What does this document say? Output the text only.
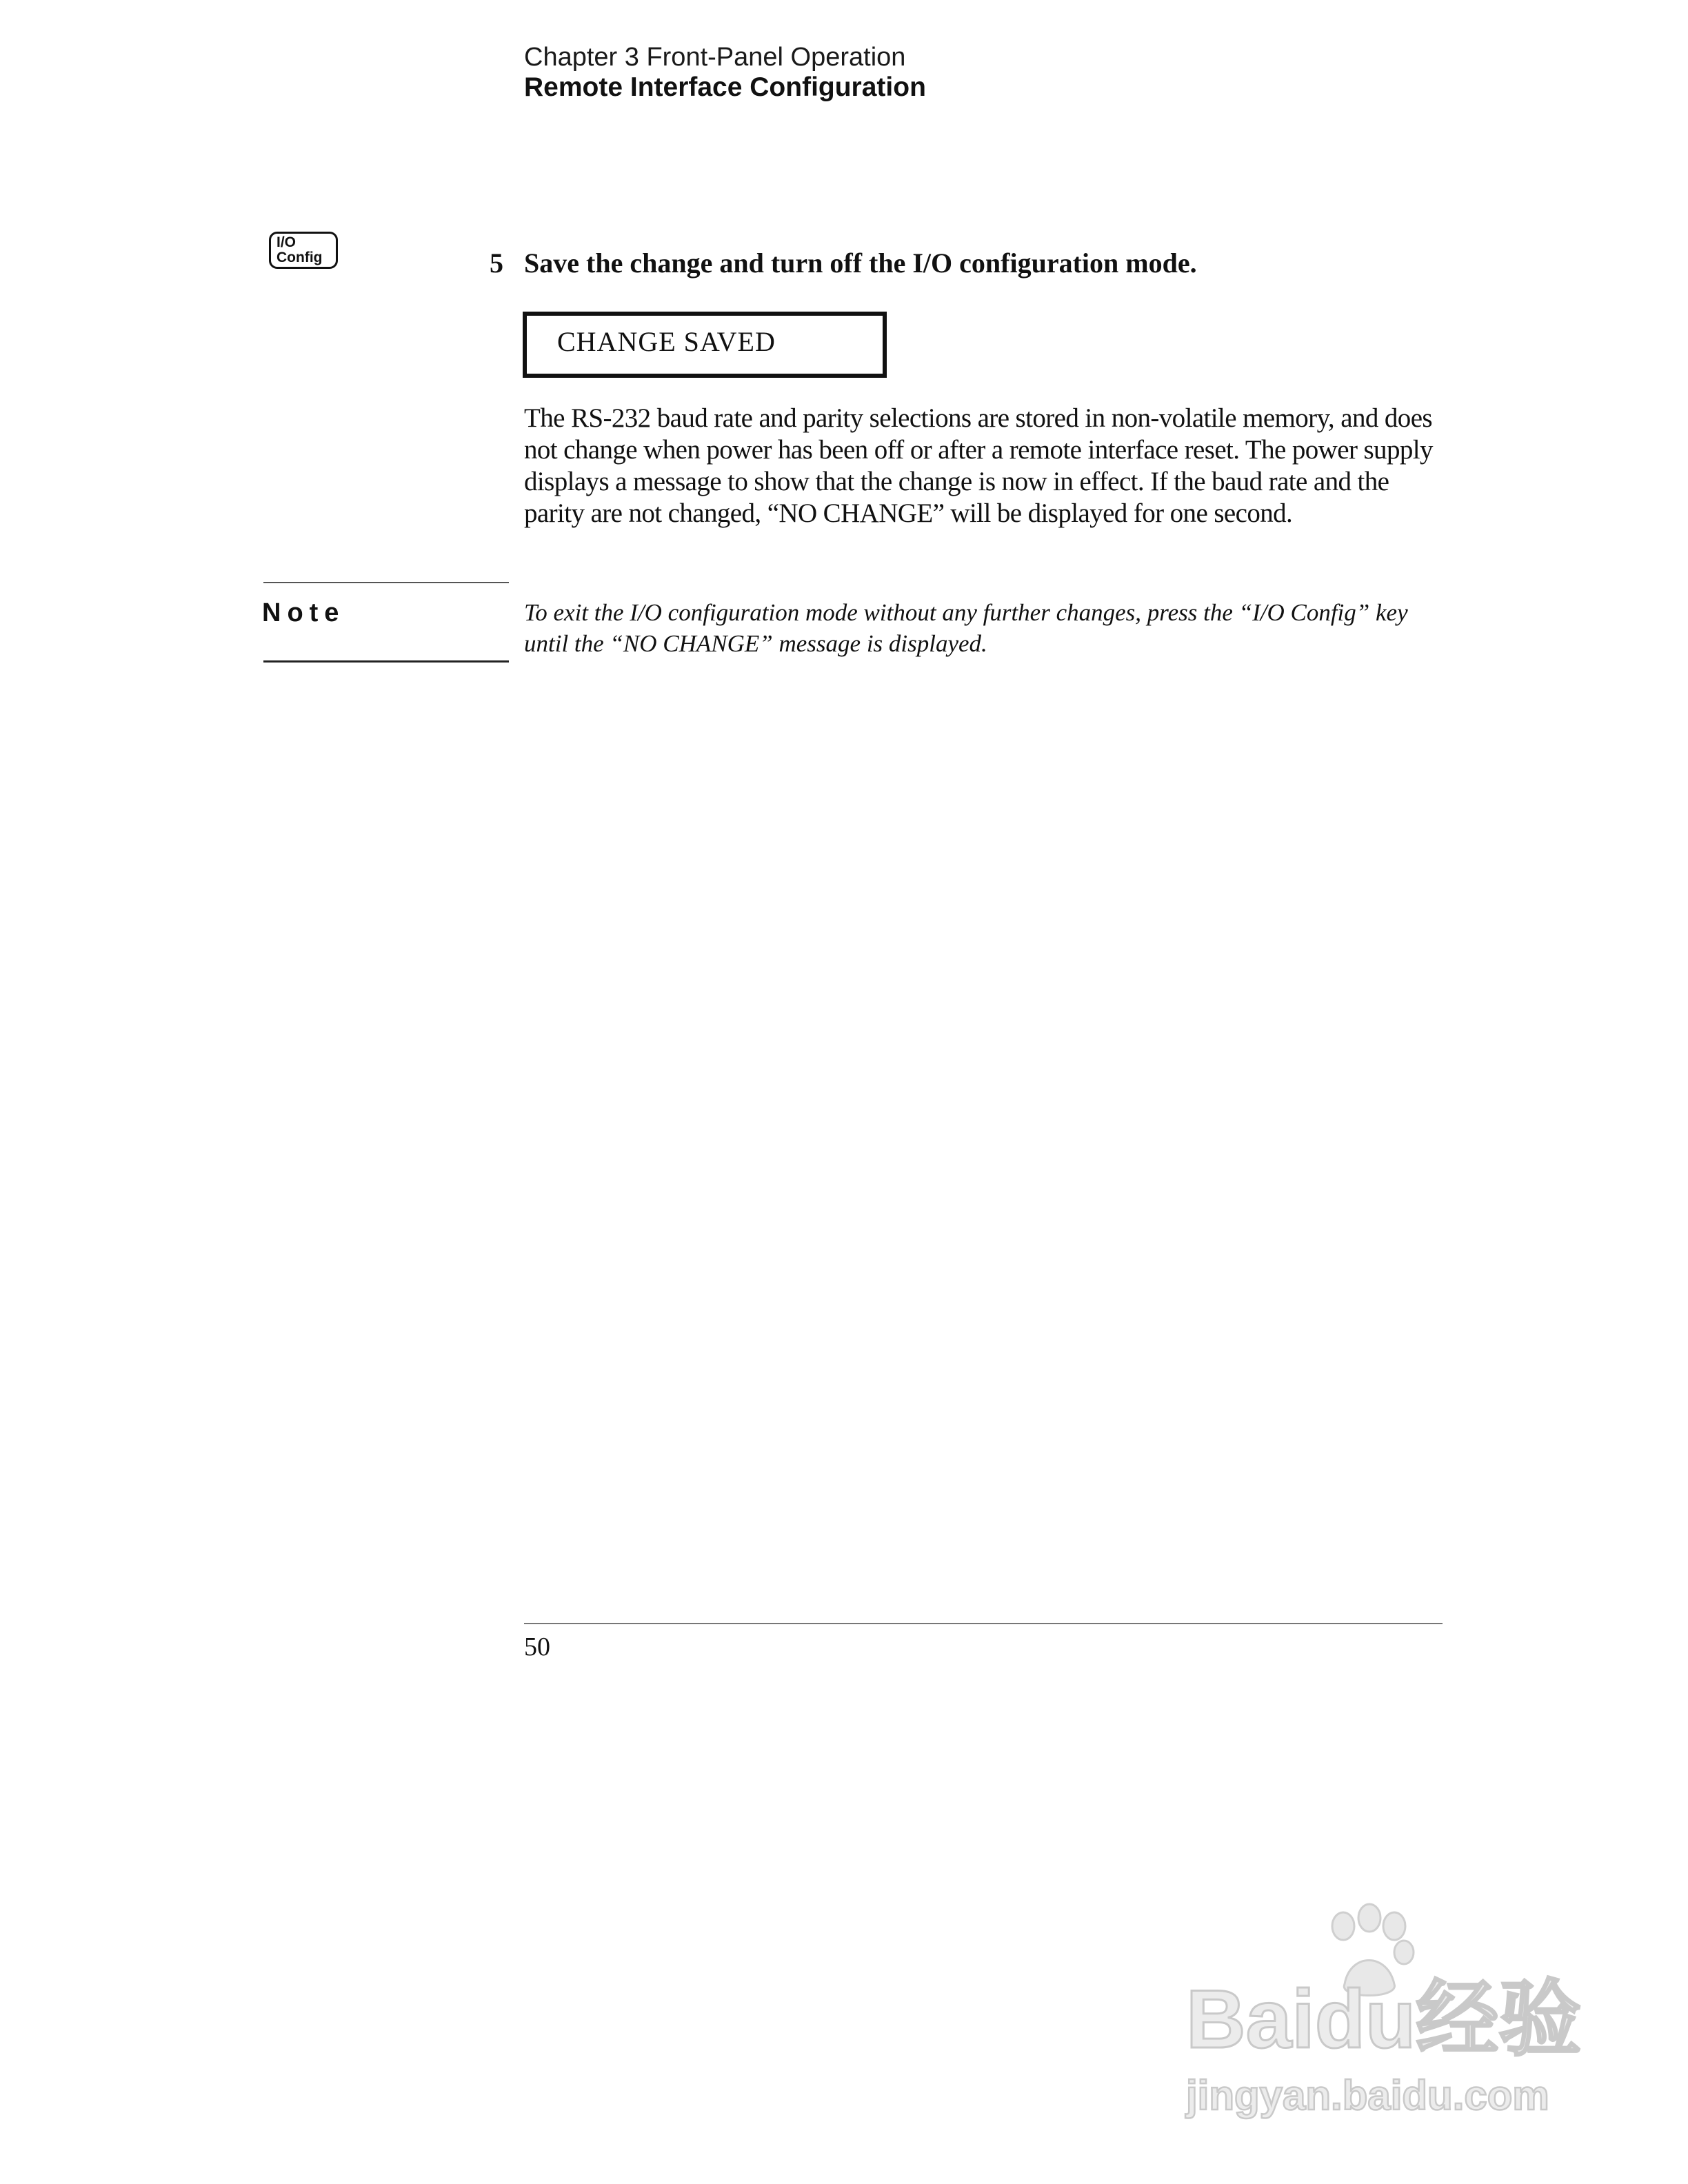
Chapter 3 Front-Panel Operation
Remote Interface Configuration
I/O
Config	5 Save the change and turn off the I/O configuration mode.
CHANGE SAVED
The RS-232 baud rate and parity selections are stored in non-volatile memory, and does not change when power has been off or after a remote interface reset. The power supply displays a message to show that the change is now in effect. If the baud rate and the parity are not changed, “NO CHANGE” will be displayed for one second.
Note	To exit the I/O configuration mode without any further changes, press the “I/O Config” key until the “NO CHANGE” message is displayed.
50
Baidu经验
jingyan.baidu.com
